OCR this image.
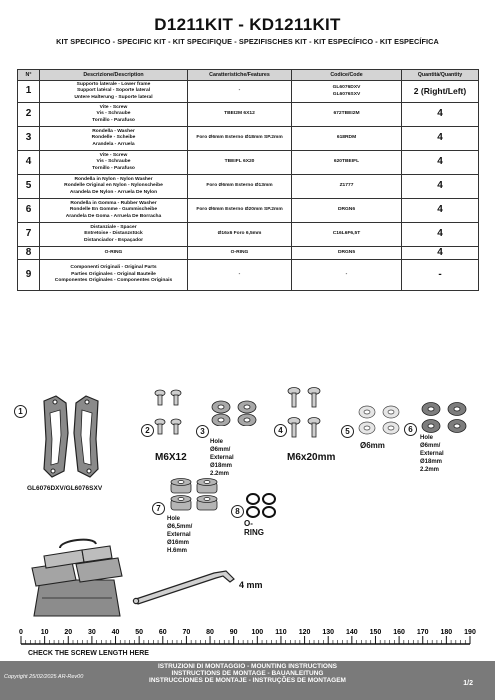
D1211KIT - KD1211KIT
KIT SPECIFICO - SPECIFIC KIT - KIT SPECIFIQUE - SPEZIFISCHES KIT - KIT ESPECÍFICO - KIT ESPECÍFICA
N°	Descrizione/Description	Caratteristiche/Features	Codice/Code	Quantità/Quantity
1	Supporto laterale - Lower frame
Support latéral - Soporte lateral
Untere Halterung - Suporte lateral	-	GL6076DXV
GL6076SXV	2 (Right/Left)
2	Vite - Screw
Vis - Schraube
Tornillo - Parafuso	TBEI2M 6X12	672TBEI2M	4
3	Rondella - Washer
Rondelle - Scheibe
Arandela - Arruela	Foro Ø6mm Esterno Ø18mm SP.2mm	618RDM	4
4	Vite - Screw
Vis - Schraube
Tornillo - Parafuso	TBEIFL 6X20	620TBEIFL	4
5	Rondella in Nylon - Nylon Washer
Rondelle Original en Nylon - Nylonscheibe
Arandela De Nylon - Arruela De Nylon	Foro Ø6mm Esterno Ø13mm	Z1777	4
6	Rondella in Gomma - Rubber Washer
Rondelle En Gomme - Gummischeibe
Arandela De Goma - Arruela De Borracha	Foro Ø6mm Esterno Ø20mm SP.2mm	DRGN6	4
7	Distanziale - Spacer
Entretoise - Distanzstück
Distanciador - Espaçador	Ø16x6 Foro 6,5mm	C16L6F6,5T	4
8	O-RING	O-RING	DRGN5	4
9	Componenti Originali - Original Parts
Parties Originales - Original Bauteile
Componentes Originales - Componentes Originais	-	-	-
1
GL6076DXV/GL6076SXV
2
M6X12
3
Hole Ø6mm/
External Ø18mm
2.2mm
4
M6x20mm
5
Ø6mm
6
Hole Ø6mm/
External Ø18mm
2.2mm
7
Hole Ø6,5mm/
External Ø16mm
H.6mm
8
O-RING
4 mm
0	10 20 30 40 50 60 70 80 90 100 110 120 130 140 150 160 170 180 190
CHECK THE SCREW LENGTH HERE
ISTRUZIONI DI MONTAGGIO - MOUNTING INSTRUCTIONS
INSTRUCTIONS DE MONTAGE - BAUANLEITUNG
INSTRUCCIONES DE MONTAJE - INSTRUÇÕES DE MONTAGEM
Copyright 25/02/2025 AR-Rev00
1/2
